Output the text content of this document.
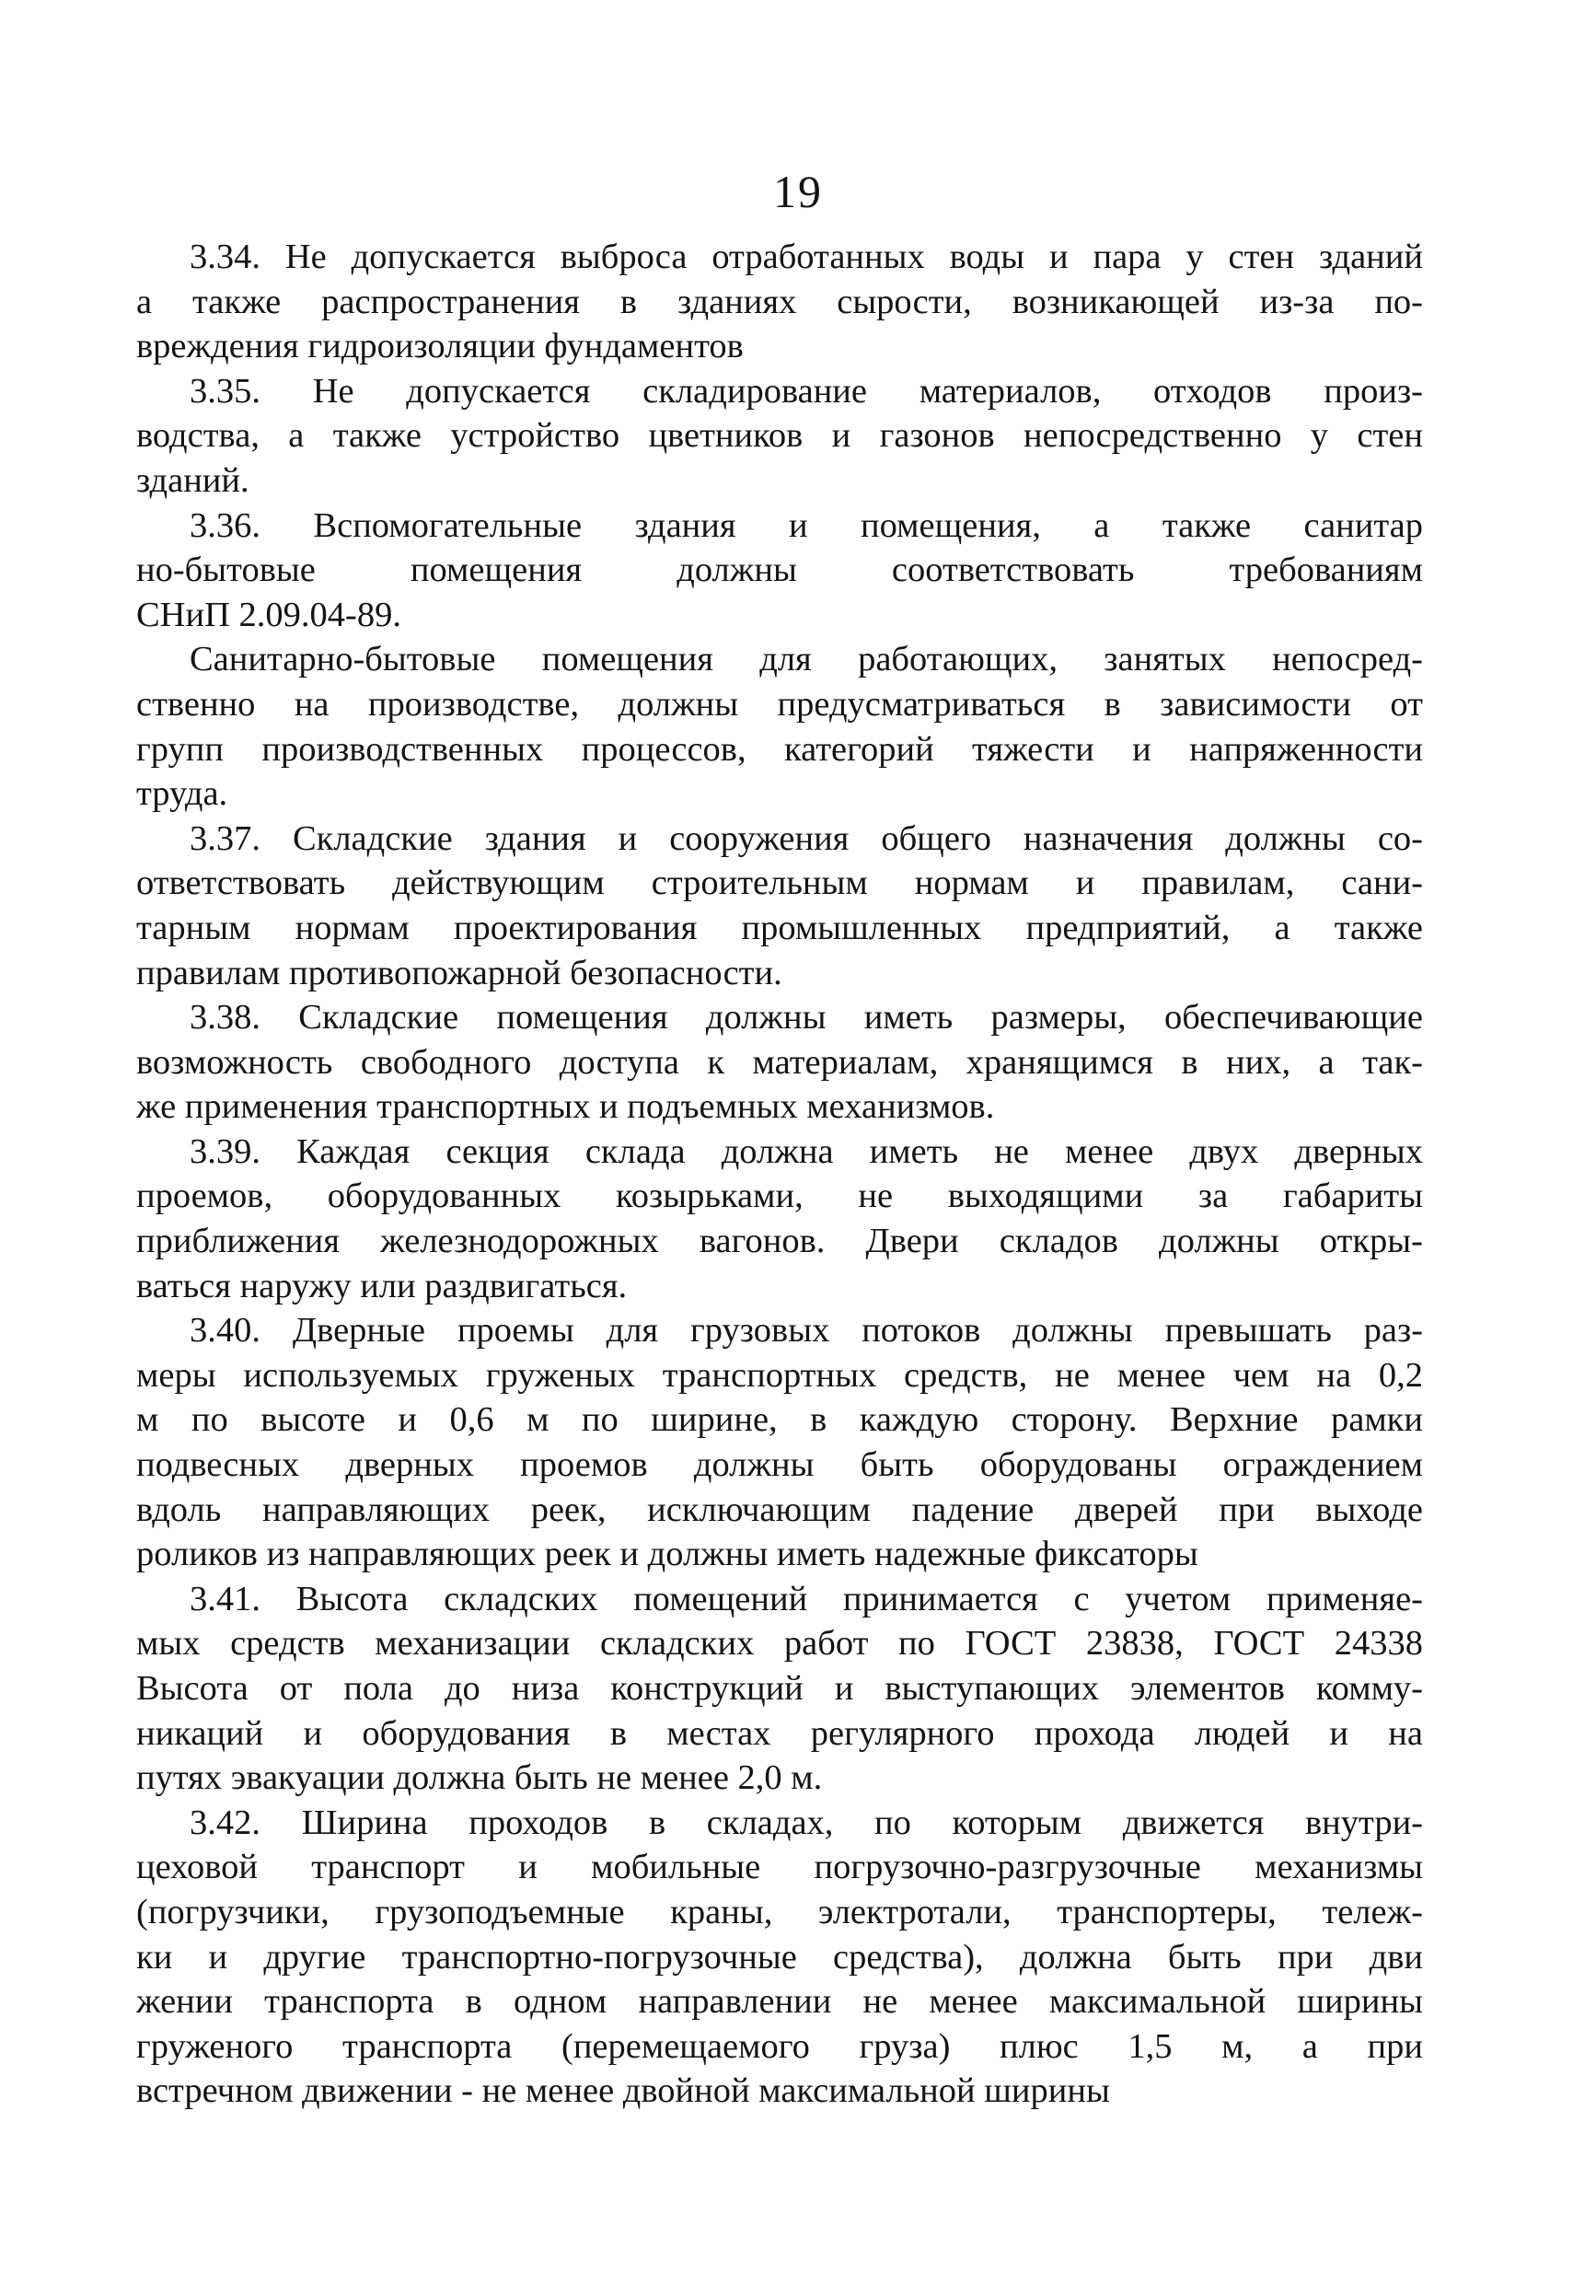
19
3.34. Не допускается выброса отработанных воды и пара у стен зданий
а также распространения в зданиях сырости, возникающей из-за по-
вреждения гидроизоляции фундаментов
3.35. Не допускается складирование материалов, отходов произ-
водства, а также устройство цветников и газонов непосредственно у стен
зданий.
3.36. Вспомогательные здания и помещения, а также санитар
но-бытовые помещения должны соответствовать требованиям
СНиП 2.09.04-89.
Санитарно-бытовые помещения для работающих, занятых непосред-
ственно на производстве, должны предусматриваться в зависимости от
групп производственных процессов, категорий тяжести и напряженности
труда.
3.37. Складские здания и сооружения общего назначения должны со-
ответствовать действующим строительным нормам и правилам, сани-
тарным нормам проектирования промышленных предприятий, а также
правилам противопожарной безопасности.
3.38. Складские помещения должны иметь размеры, обеспечивающие
возможность свободного доступа к материалам, хранящимся в них, а так-
же применения транспортных и подъемных механизмов.
3.39. Каждая секция склада должна иметь не менее двух дверных
проемов, оборудованных козырьками, не выходящими за габариты
приближения железнодорожных вагонов. Двери складов должны откры-
ваться наружу или раздвигаться.
3.40. Дверные проемы для грузовых потоков должны превышать раз-
меры используемых груженых транспортных средств, не менее чем на 0,2
м по высоте и 0,6 м по ширине, в каждую сторону. Верхние рамки
подвесных дверных проемов должны быть оборудованы ограждением
вдоль направляющих реек, исключающим падение дверей при выходе
роликов из направляющих реек и должны иметь надежные фиксаторы
3.41. Высота складских помещений принимается с учетом применяе-
мых средств механизации складских работ по ГОСТ 23838, ГОСТ 24338
Высота от пола до низа конструкций и выступающих элементов комму-
никаций и оборудования в местах регулярного прохода людей и на
путях эвакуации должна быть не менее 2,0 м.
3.42. Ширина проходов в складах, по которым движется внутри-
цеховой транспорт и мобильные погрузочно-разгрузочные механизмы
(погрузчики, грузоподъемные краны, электротали, транспортеры, тележ-
ки и другие транспортно-погрузочные средства), должна быть при дви
жении транспорта в одном направлении не менее максимальной ширины
груженого транспорта (перемещаемого груза) плюс 1,5 м, а при
встречном движении - не менее двойной максимальной ширины
